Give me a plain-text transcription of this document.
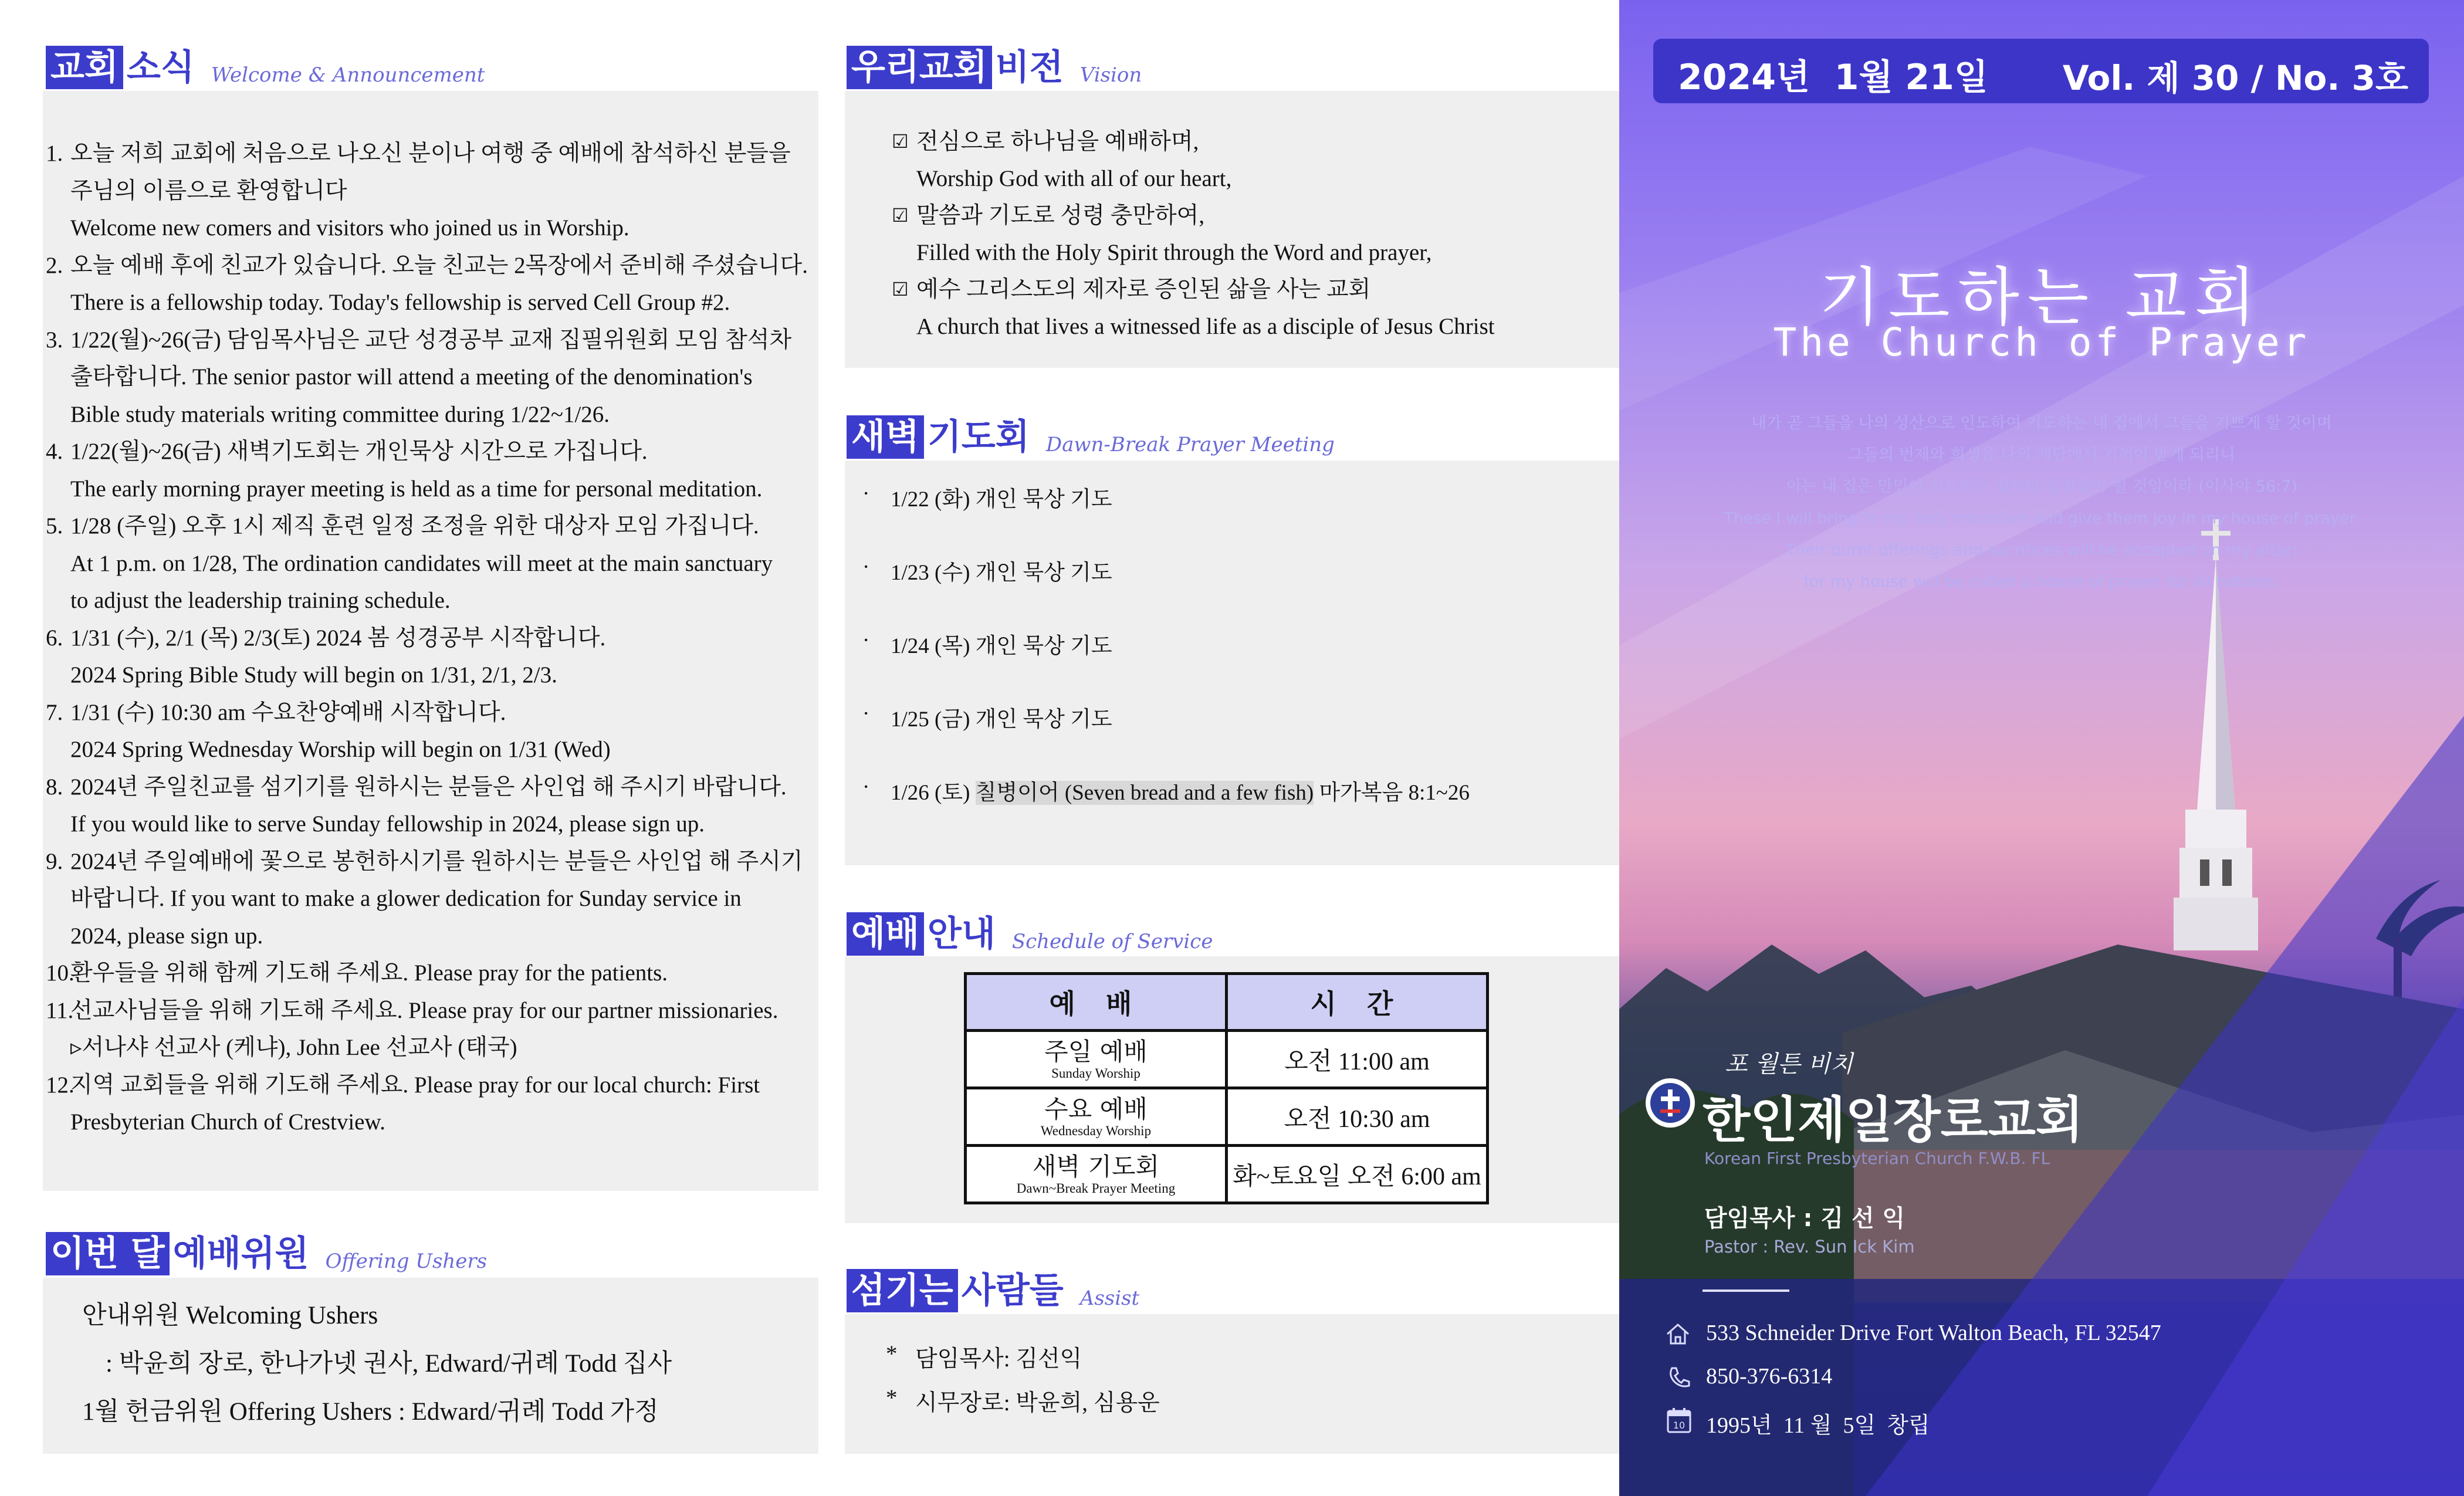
교회 소식 Welcome & Announcement
1. 오늘 저희 교회에 처음으로 나오신 분이나 여행 중 예배에 참석하신 분들을
주님의 이름으로 환영합니다
Welcome new comers and visitors who joined us in Worship.
2. 오늘 예배 후에 친교가 있습니다. 오늘 친교는 2목장에서 준비해 주셨습니다.
There is a fellowship today. Today's fellowship is served Cell Group #2.
3. 1/22(월)~26(금) 담임목사님은 교단 성경공부 교재 집필위원회 모임 참석차
출타합니다. The senior pastor will attend a meeting of the denomination's
Bible study materials writing committee during 1/22~1/26.
4. 1/22(월)~26(금) 새벽기도회는 개인묵상 시간으로 가집니다.
The early morning prayer meeting is held as a time for personal meditation.
5. 1/28 (주일) 오후 1시 제직 훈련 일정 조정을 위한 대상자 모임 가집니다.
At 1 p.m. on 1/28, The ordination candidates will meet at the main sanctuary
to adjust the leadership training schedule.
6. 1/31 (수), 2/1 (목) 2/3(토) 2024 봄 성경공부 시작합니다.
2024 Spring Bible Study will begin on 1/31, 2/1, 2/3.
7. 1/31 (수) 10:30 am 수요찬양예배 시작합니다.
2024 Spring Wednesday Worship will begin on 1/31 (Wed)
8. 2024년 주일친교를 섬기기를 원하시는 분들은 사인업 해 주시기 바랍니다.
If you would like to serve Sunday fellowship in 2024, please sign up.
9. 2024년 주일예배에 꽃으로 봉헌하시기를 원하시는 분들은 사인업 해 주시기
바랍니다. If you want to make a glower dedication for Sunday service in
2024, please sign up.
10.
환우들을 위해 함께 기도해 주세요. Please pray for the patients.
11.
선교사님들을 위해 기도해 주세요. Please pray for our partner missionaries.
▹서나샤 선교사 (케냐), John Lee 선교사 (태국)
12.
지역 교회들을 위해 기도해 주세요. Please pray for our local church: First
Presbyterian Church of Crestview.
이번 달 예배위원 Offering Ushers
안내위원 Welcoming Ushers
: 박윤희 장로, 한나가넷 권사, Edward/귀례 Todd 집사
1월 헌금위원 Offering Ushers : Edward/귀례 Todd 가정
우리교회 비전 Vision
☑ 전심으로 하나님을 예배하며,
Worship God with all of our heart,
☑ 말씀과 기도로 성령 충만하여,
Filled with the Holy Spirit through the Word and prayer,
☑ 예수 그리스도의 제자로 증인된 삶을 사는 교회
A church that lives a witnessed life as a disciple of Jesus Christ
새벽 기도회 Dawn-Break Prayer Meeting
· 1/22 (화) 개인 묵상 기도
· 1/23 (수) 개인 묵상 기도
· 1/24 (목) 개인 묵상 기도
· 1/25 (금) 개인 묵상 기도
· 1/26 (토) 칠병이어 (Seven bread and a few fish) 마가복음 8:1~26
예배 안내 Schedule of Service
예 배	시 간

주일 예배
Sunday Worship	오전 11:00 am

수요 예배
Wednesday Worship	오전 10:30 am

새벽 기도회
Dawn~Break Prayer Meeting	화~토요일 오전 6:00 am
섬기는 사람들 Assist
* 담임목사: 김선익
* 시무장로: 박윤희, 심용운
2024년  1월 21일 Vol. 제 30 / No. 3호
기도하는 교회
The Church of Prayer
내가 곧 그들을 나의 성산으로 인도하여 기도하는 내 집에서 그들을 기쁘게 할 것이며
그들의 번제와 희생을 나의 제단에서 기꺼이 받게 되리니
이는 내 집은 만민이 기도하는 집이라 일컬음이 될 것임이라 (이사야 56:7)
These I will bring to my holy mountain and give them joy in my house of prayer.
Their burnt offerings and sacrifices will be accepted on my altar;
for my house will be called a house of prayer for all nations.
포 월튼 비치
한인제일장로교회
Korean First Presbyterian Church F.W.B. FL
담임목사 : 김 선 익
Pastor : Rev. Sun Ick Kim
533 Schneider Drive Fort Walton Beach, FL 32547
850-376-6314
10 1995년  11 월  5일  창립
